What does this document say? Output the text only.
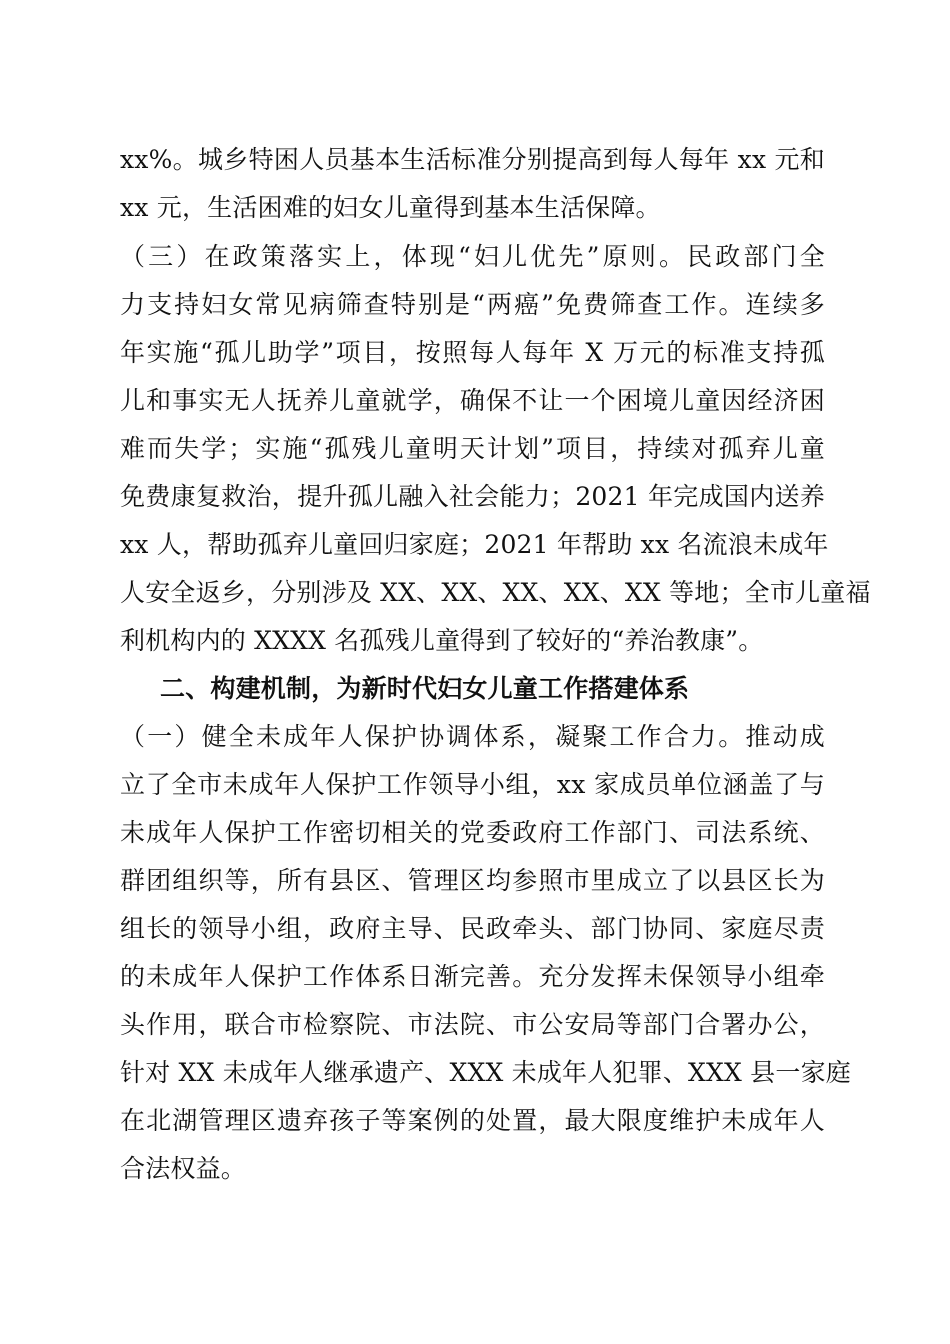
xx%。城乡特困人员基本生活标准分别提高到每人每年 xx 元和
xx 元，生活困难的妇女儿童得到基本生活保障。
（三）在政策落实上，体现“妇儿优先”原则。民政部门全
力支持妇女常见病筛查特别是“两癌”免费筛查工作。连续多
年实施“孤儿助学”项目，按照每人每年 X 万元的标准支持孤
儿和事实无人抚养儿童就学，确保不让一个困境儿童因经济困
难而失学；实施“孤残儿童明天计划”项目，持续对孤弃儿童
免费康复救治，提升孤儿融入社会能力；2021 年完成国内送养
xx 人，帮助孤弃儿童回归家庭；2021 年帮助 xx 名流浪未成年
人安全返乡，分别涉及 XX、XX、XX、XX、XX 等地；全市儿童福
利机构内的 XXXX 名孤残儿童得到了较好的“养治教康”。
二、构建机制，为新时代妇女儿童工作搭建体系
（一）健全未成年人保护协调体系，凝聚工作合力。推动成
立了全市未成年人保护工作领导小组，xx 家成员单位涵盖了与
未成年人保护工作密切相关的党委政府工作部门、司法系统、
群团组织等，所有县区、管理区均参照市里成立了以县区长为
组长的领导小组，政府主导、民政牵头、部门协同、家庭尽责
的未成年人保护工作体系日渐完善。充分发挥未保领导小组牵
头作用，联合市检察院、市法院、市公安局等部门合署办公，
针对 XX 未成年人继承遗产、XXX 未成年人犯罪、XXX 县一家庭
在北湖管理区遗弃孩子等案例的处置，最大限度维护未成年人
合法权益。
